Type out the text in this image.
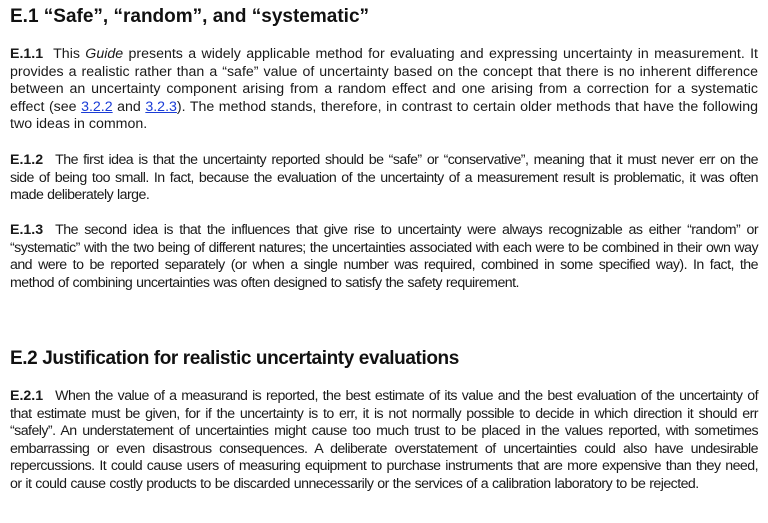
E.1 “Safe”, “random”, and “systematic”

E.1.1 This Guide presents a widely applicable method for evaluating and expressing uncertainty in measurement. It provides a realistic rather than a “safe” value of uncertainty based on the concept that there is no inherent difference between an uncertainty component arising from a random effect and one arising from a correction for a systematic effect (see 3.2.2 and 3.2.3). The method stands, therefore, in contrast to certain older methods that have the following two ideas in common.

E.1.2 The first idea is that the uncertainty reported should be “safe” or “conservative”, meaning that it must never err on the side of being too small. In fact, because the evaluation of the uncertainty of a measurement result is problematic, it was often made deliberately large.

E.1.3 The second idea is that the influences that give rise to uncertainty were always recognizable as either “random” or “systematic” with the two being of different natures; the uncertainties associated with each were to be combined in their own way and were to be reported separately (or when a single number was required, combined in some specified way). In fact, the method of combining uncertainties was often designed to satisfy the safety requirement.

E.2 Justification for realistic uncertainty evaluations

E.2.1 When the value of a measurand is reported, the best estimate of its value and the best evaluation of the uncertainty of that estimate must be given, for if the uncertainty is to err, it is not normally possible to decide in which direction it should err “safely”. An understatement of uncertainties might cause too much trust to be placed in the values reported, with sometimes embarrassing or even disastrous consequences. A deliberate overstatement of uncertainties could also have undesirable repercussions. It could cause users of measuring equipment to purchase instruments that are more expensive than they need, or it could cause costly products to be discarded unnecessarily or the services of a calibration laboratory to be rejected.
